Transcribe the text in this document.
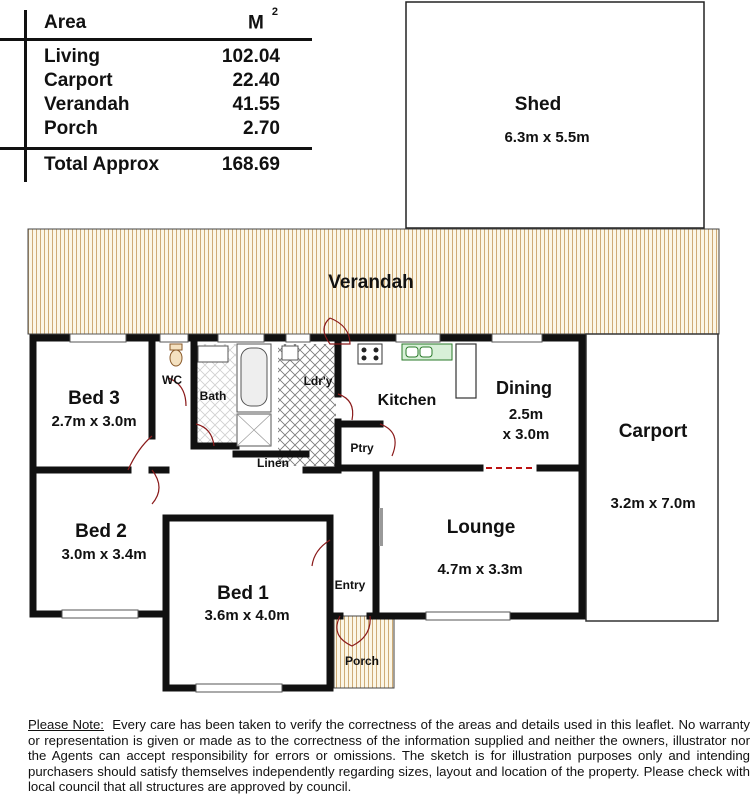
Area	$M^2$
Living	102.04
Carport	22.40
Verandah	41.55
Porch	2.70
Total Approx	168.69
Shed
6.3m x 5.5m
Verandah
Bed 3
2.7m x 3.0m
WC
Bath
Ldr'y
Kitchen
Dining
2.5m
x 3.0m
Ptry
Linen
Carport
3.2m x 7.0m
Bed 2
3.0m x 3.4m
Bed 1
3.6m x 4.0m
Lounge
4.7m x 3.3m
Entry
Porch
Please Note: Every care has been taken to verify the correctness of the areas and details used in this leaflet. No warranty or representation is given or made as to the correctness of the information supplied and neither the owners, illustrator nor the Agents can accept responsibility for errors or omissions. The sketch is for illustration purposes only and intending purchasers should satisfy themselves independently regarding sizes, layout and location of the property. Please check with local council that all structures are approved by council.
